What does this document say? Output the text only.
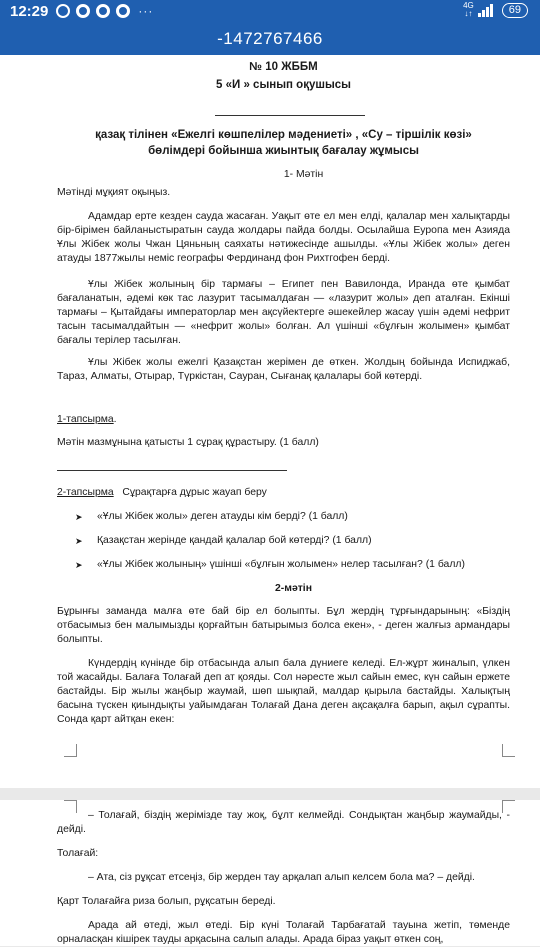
12:29	···	4G
↓↑	69
-1472767466

№ 10 ЖББМ

5 «И » сынып оқушысы

қазақ тілінен «Ежелгі көшпелілер мәдениеті» , «Су – тіршілік көзі»

бөлімдері бойынша жиынтық бағалау жұмысы

1- Мәтін

Мәтінді мұқият оқыңыз.

Адамдар ерте кезден сауда жасаған. Уақыт өте ел мен елді, қалалар мен халықтарды бір-бірімен байланыстыратын сауда жолдары пайда болды. Осылайша Еуропа мен Азияда Ұлы Жібек жолы Чжан Цяньның саяхаты нәтижесінде ашылды. «Ұлы Жібек жолы» деген атауды 1877жылы неміс географы Фердинанд фон Рихтгофен берді.

Ұлы Жібек жолының бір тармағы – Египет пен Вавилонда, Иранда өте қымбат бағаланатын, әдемі көк тас лазурит тасымалдаған — «лазурит жолы» деп аталған. Екінші тармағы – Қытайдағы императорлар мен ақсүйектерге әшекейлер жасау үшін әдемі нефрит тасын тасымалдайтын — «нефрит жолы» болған. Ал үшінші «бұлғын жолымен» қымбат бағалы терілер тасылған.

Ұлы Жібек жолы ежелгі Қазақстан жерімен де өткен. Жолдың бойында Испиджаб, Тараз, Алматы, Отырар, Түркістан, Сауран, Сығанақ қалалары бой көтерді.

1-тапсырма.

Мәтін мазмұнына қатысты 1 сұрақ құрастыру. (1 балл)

2-тапсырма Сұрақтарға дұрыс жауап беру

➤	«Ұлы Жібек жолы» деген атауды кім берді? (1 балл)
➤	Қазақстан жерінде қандай қалалар бой көтерді? (1 балл)
➤	«Ұлы Жібек жолының» үшінші «бұлғын жолымен» нелер тасылған? (1 балл)

2-мәтін

Бұрынғы заманда малға өте бай бір ел болыпты. Бұл жердің тұрғындарының: «Біздің отбасымыз бен малымызды қорғайтын батырымыз болса екен», - деген жалғыз армандары болыпты.

Күндердің күнінде бір отбасында алып бала дүниеге келеді. Ел-жұрт жиналып, үлкен той жасайды. Балаға Толағай деп ат қояды. Сол нәресте жыл сайын емес, күн сайын ержете бастайды. Бір жылы жаңбыр жаумай, шөп шықпай, малдар қырыла бастайды. Халықтың басына түскен қиындықты уайымдаған Толағай Дана деген ақсақалға барып, ақыл сұрапты. Сонда қарт айтқан екен:

– Толағай, біздің жерімізде тау жоқ, бұлт келмейді. Сондықтан жаңбыр жаумайды, - дейді.

Толағай:

– Ата, сіз рұқсат етсеңіз, бір жерден тау арқалап алып келсем бола ма? – дейді.

Қарт Толағайға риза болып, рұқсатын береді.

Арада ай өтеді, жыл өтеді. Бір күні Толағай Тарбағатай тауына жетіп, төменде орналасқан кішірек тауды арқасына салып алады. Арада біраз уақыт өткен соң,
